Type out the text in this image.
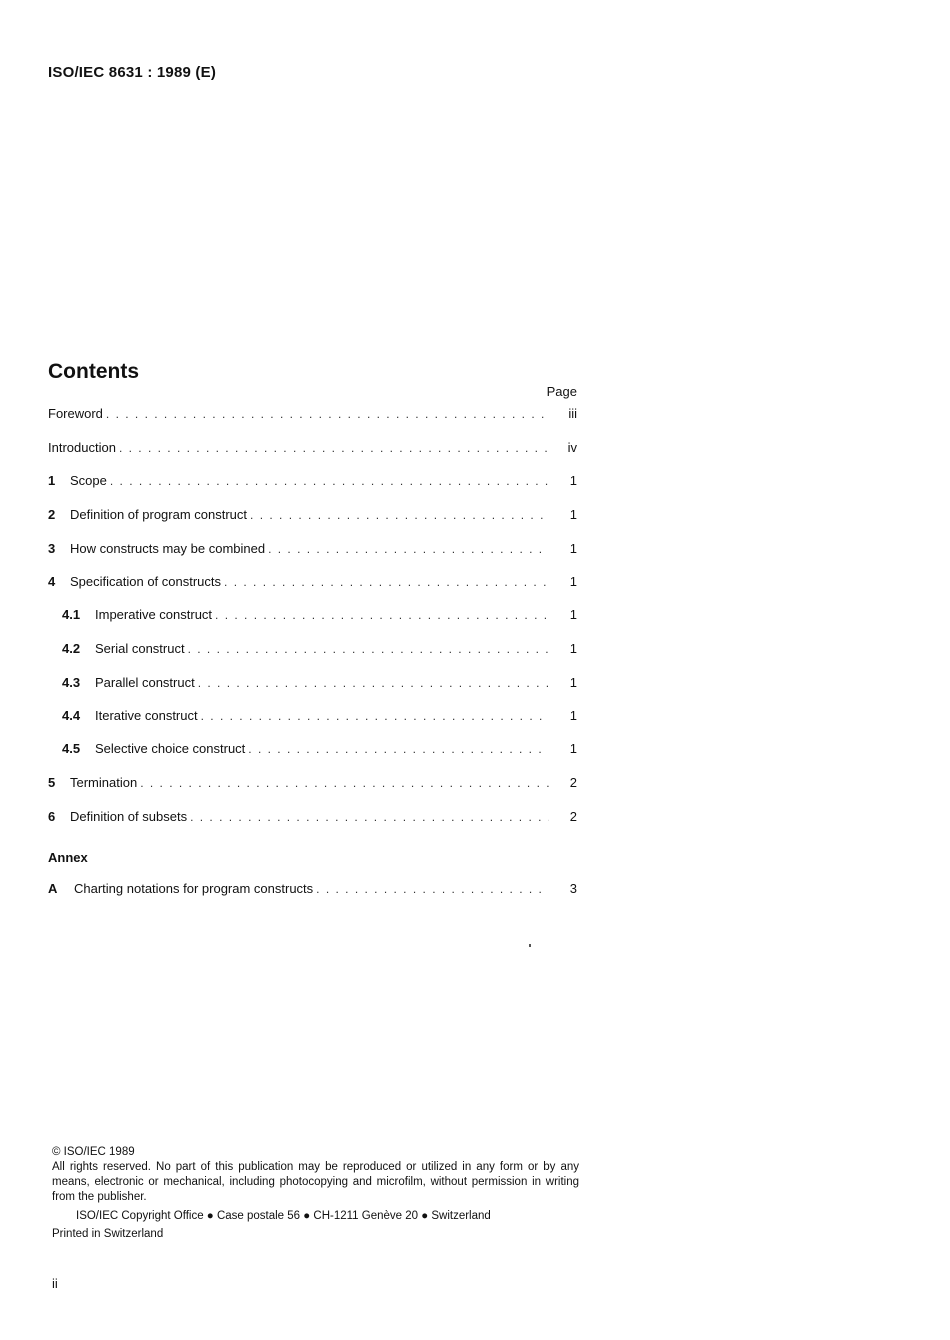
ISO/IEC 8631 : 1989 (E)
Contents
Page
Foreword . . .	iii
Introduction . . .	iv
1	Scope . . .	1
2	Definition of program construct . . .	1
3	How constructs may be combined . . .	1
4	Specification of constructs . . .	1
4.1	Imperative construct . . .	1
4.2	Serial construct . . .	1
4.3	Parallel construct . . .	1
4.4	Iterative construct . . .	1
4.5	Selective choice construct . . .	1
5	Termination . . .	2
6	Definition of subsets . . .	2
Annex
A	Charting notations for program constructs . . .	3
© ISO/IEC 1989
All rights reserved. No part of this publication may be reproduced or utilized in any form or by any means, electronic or mechanical, including photocopying and microfilm, without permission in writing from the publisher.
ISO/IEC Copyright Office ● Case postale 56 ● CH-1211 Genève 20 ● Switzerland
Printed in Switzerland
ii
